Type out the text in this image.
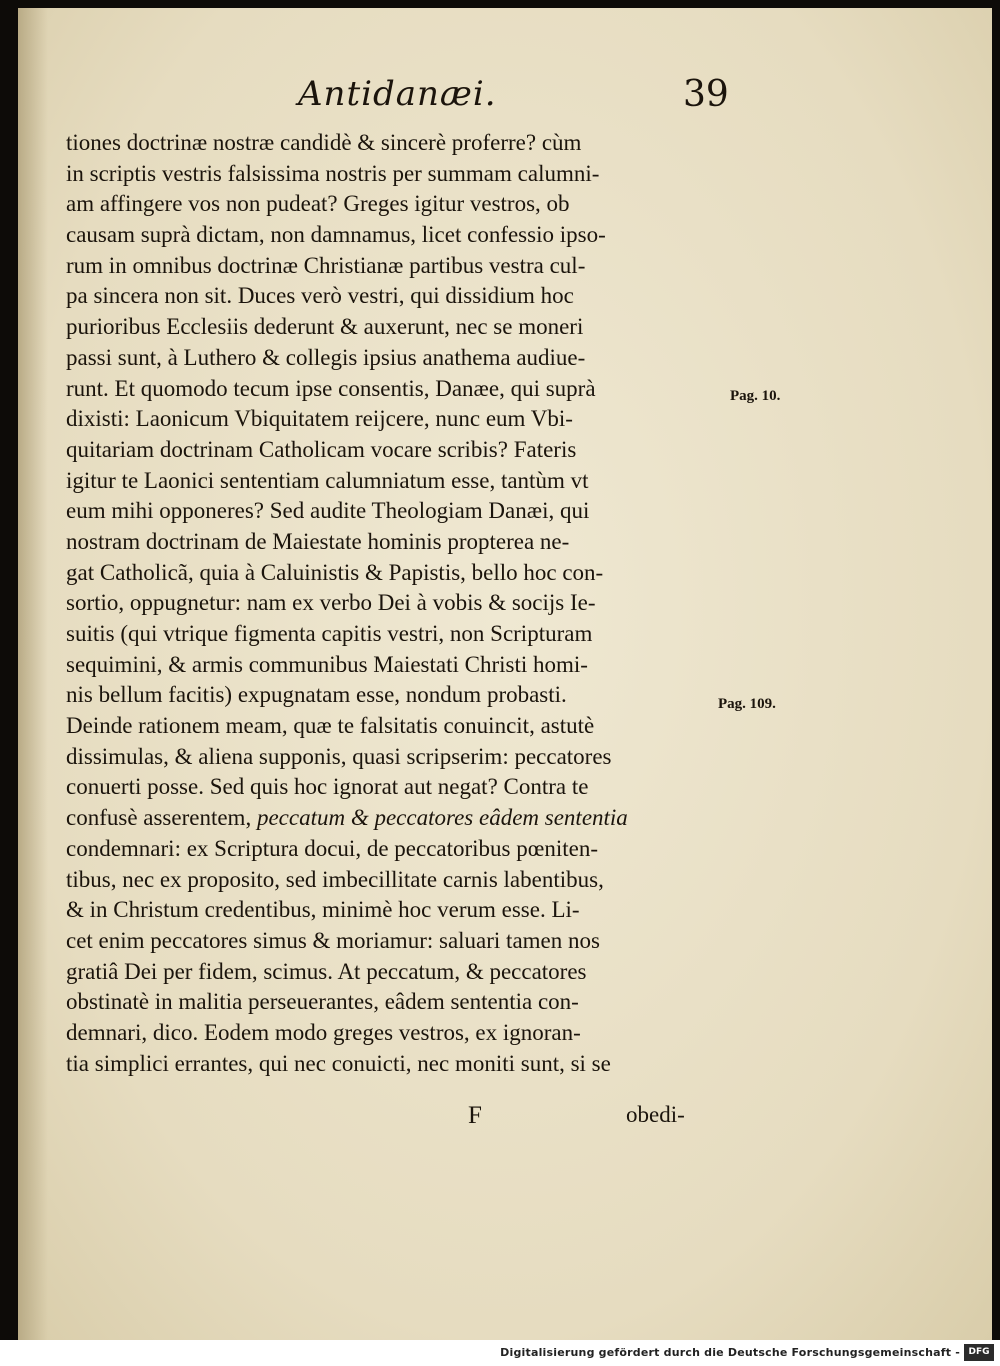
Antidanæi.	39
tiones doctrinæ nostræ candidè & sincerè proferre? cùm
in scriptis vestris falsissima nostris per summam calumni-
am affingere vos non pudeat? Greges igitur vestros, ob
causam suprà dictam, non damnamus, licet confessio ipso-
rum in omnibus doctrinæ Christianæ partibus vestra cul-
pa sincera non sit. Duces verò vestri, qui dissidium hoc
purioribus Ecclesiis dederunt & auxerunt, nec se moneri
passi sunt, à Luthero & collegis ipsius anathema audiue-
runt. Et quomodo tecum ipse consentis, Danæe, qui suprà
dixisti: Laonicum Vbiquitatem reijcere, nunc eum Vbi-
quitariam doctrinam Catholicam vocare scribis? Fateris
igitur te Laonici sententiam calumniatum esse, tantùm vt
eum mihi opponeres? Sed audite Theologiam Danæi, qui
nostram doctrinam de Maiestate hominis propterea ne-
gat Catholicã, quia à Caluinistis & Papistis, bello hoc con-
sortio, oppugnetur: nam ex verbo Dei à vobis & socijs Ie-
suitis (qui vtrique figmenta capitis vestri, non Scripturam
sequimini, & armis communibus Maiestati Christi homi-
nis bellum facitis) expugnatam esse, nondum probasti.
Deinde rationem meam, quæ te falsitatis conuincit, astutè
dissimulas, & aliena supponis, quasi scripserim: peccatores
conuerti posse. Sed quis hoc ignorat aut negat? Contra te
confusè asserentem, peccatum & peccatores eâdem sententia
condemnari: ex Scriptura docui, de peccatoribus pœniten-
tibus, nec ex proposito, sed imbecillitate carnis labentibus,
& in Christum credentibus, minimè hoc verum esse. Li-
cet enim peccatores simus & moriamur: saluari tamen nos
gratiâ Dei per fidem, scimus. At peccatum, & peccatores
obstinatè in malitia perseuerantes, eâdem sententia con-
demnari, dico. Eodem modo greges vestros, ex ignoran-
tia simplici errantes, qui nec conuicti, nec moniti sunt, si se
Pag. 10.
Pag. 109.
F	obedi-
Digitalisierung gefördert durch die Deutsche Forschungsgemeinschaft - DFG
